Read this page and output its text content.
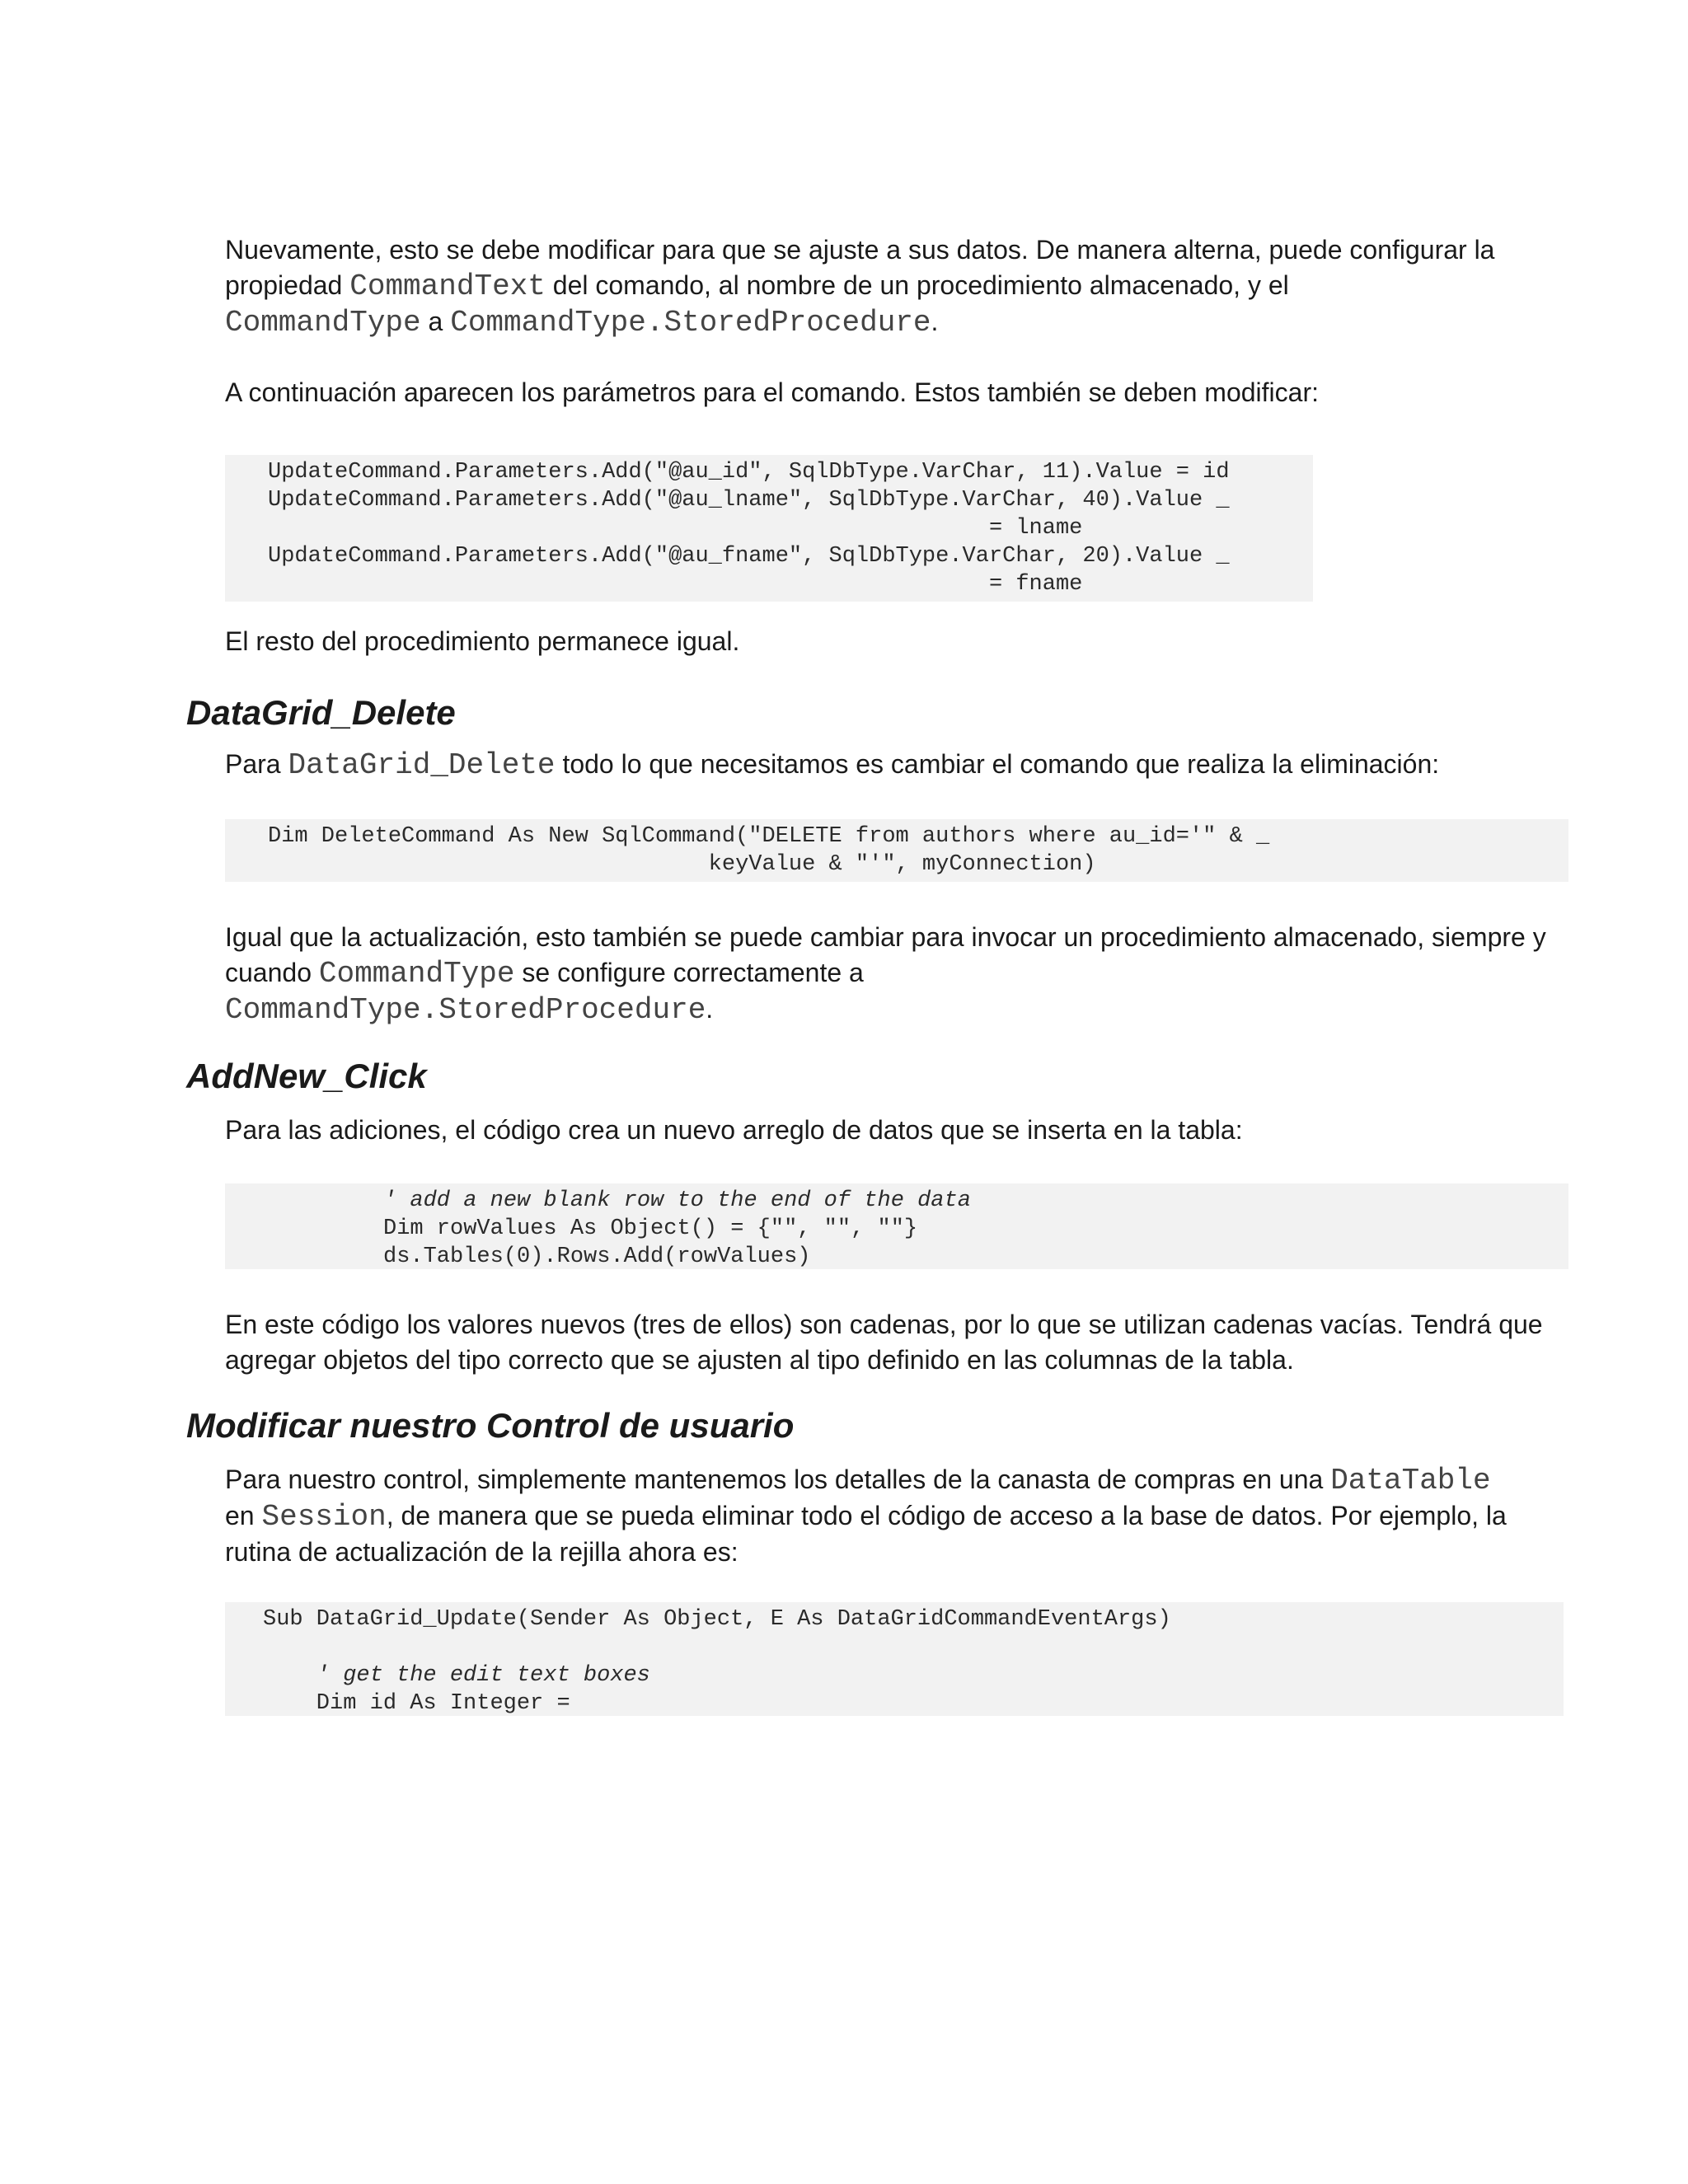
Nuevamente, esto se debe modificar para que se ajuste a sus datos. De manera alterna, puede configurar la propiedad CommandText del comando, al nombre de un procedimiento almacenado, y el
CommandType a CommandType.StoredProcedure.

A continuación aparecen los parámetros para el comando. Estos también se deben modificar:

UpdateCommand.Parameters.Add("@au_id", SqlDbType.VarChar, 11).Value = id
UpdateCommand.Parameters.Add("@au_lname", SqlDbType.VarChar, 40).Value _
= lname
UpdateCommand.Parameters.Add("@au_fname", SqlDbType.VarChar, 20).Value _
= fname

El resto del procedimiento permanece igual.

DataGrid_Delete

Para DataGrid_Delete todo lo que necesitamos es cambiar el comando que realiza la eliminación:

Dim DeleteCommand As New SqlCommand("DELETE from authors where au_id='" & _
keyValue & "'", myConnection)

Igual que la actualización, esto también se puede cambiar para invocar un procedimiento almacenado, siempre y cuando CommandType se configure correctamente a
CommandType.StoredProcedure.

AddNew_Click

Para las adiciones, el código crea un nuevo arreglo de datos que se inserta en la tabla:

' add a new blank row to the end of the data
Dim rowValues As Object() = {"", "", ""}
ds.Tables(0).Rows.Add(rowValues)

En este código los valores nuevos (tres de ellos) son cadenas, por lo que se utilizan cadenas vacías. Tendrá que agregar objetos del tipo correcto que se ajusten al tipo definido en las columnas de la tabla.

Modificar nuestro Control de usuario

Para nuestro control, simplemente mantenemos los detalles de la canasta de compras en una DataTable
en Session, de manera que se pueda eliminar todo el código de acceso a la base de datos. Por ejemplo, la rutina de actualización de la rejilla ahora es:

Sub DataGrid_Update(Sender As Object, E As DataGridCommandEventArgs)

' get the edit text boxes
Dim id As Integer =
